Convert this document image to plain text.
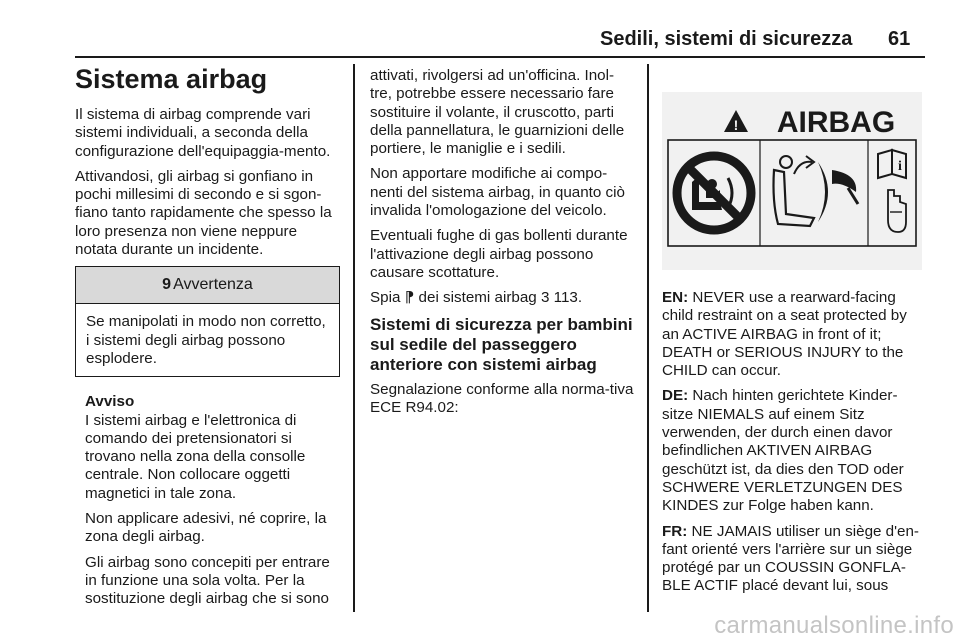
Sedili, sistemi di sicurezza 61
Sistema airbag

Il sistema di airbag comprende vari sistemi individuali, a seconda della configurazione dell'equipaggia-mento.

Attivandosi, gli airbag si gonfiano in pochi millesimi di secondo e si sgon-fiano tanto rapidamente che spesso la loro presenza non viene neppure notata durante un incidente.

9 Avvertenza
Se manipolati in modo non corretto, i sistemi degli airbag possono esplodere.
Avviso

I sistemi airbag e l'elettronica di comando dei pretensionatori si trovano nella zona della consolle centrale. Non collocare oggetti magnetici in tale zona.

Non applicare adesivi, né coprire, la zona degli airbag.

Gli airbag sono concepiti per entrare in funzione una sola volta. Per la sostituzione degli airbag che si sono

attivati, rivolgersi ad un'officina. Inol-tre, potrebbe essere necessario fare sostituire il volante, il cruscotto, parti della pannellatura, le guarnizioni delle portiere, le maniglie e i sedili.

Non apportare modifiche ai compo-nenti del sistema airbag, in quanto ciò invalida l'omologazione del veicolo.

Eventuali fughe di gas bollenti durante l'attivazione degli airbag possono causare scottature.

Spia ⁋ dei sistemi airbag 3 113.

Sistemi di sicurezza per bambini sul sedile del passeggero anteriore con sistemi airbag

Segnalazione conforme alla norma-tiva ECE R94.02:

! AIRBAG
i

EN: NEVER use a rearward-facing child restraint on a seat protected by an ACTIVE AIRBAG in front of it; DEATH or SERIOUS INJURY to the CHILD can occur.

DE: Nach hinten gerichtete Kinder-sitze NIEMALS auf einem Sitz verwenden, der durch einen davor befindlichen AKTIVEN AIRBAG geschützt ist, da dies den TOD oder SCHWERE VERLETZUNGEN DES KINDES zur Folge haben kann.

FR: NE JAMAIS utiliser un siège d'en-fant orienté vers l'arrière sur un siège protégé par un COUSSIN GONFLA-BLE ACTIF placé devant lui, sous

carmanualsonline.info
